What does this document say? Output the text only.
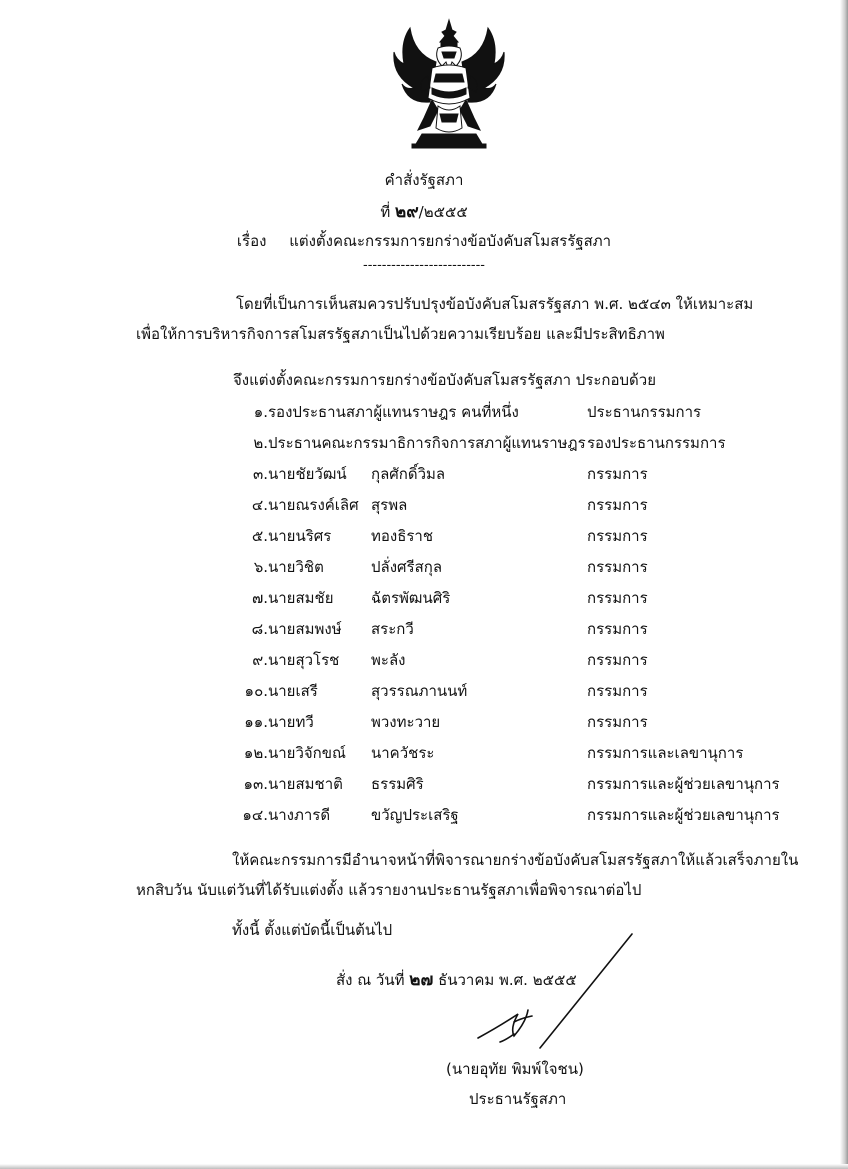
คำสั่งรัฐสภา
ที่ ๒๙/๒๕๕๕
เรื่อง แต่งตั้งคณะกรรมการยกร่างข้อบังคับสโมสรรัฐสภา
--------------------------
โดยที่เป็นการเห็นสมควรปรับปรุงข้อบังคับสโมสรรัฐสภา พ.ศ. ๒๕๔๓ ให้เหมาะสม
เพื่อให้การบริหารกิจการสโมสรรัฐสภาเป็นไปด้วยความเรียบร้อย และมีประสิทธิภาพ
จึงแต่งตั้งคณะกรรมการยกร่างข้อบังคับสโมสรรัฐสภา ประกอบด้วย
๑. รองประธานสภาผู้แทนราษฎร คนที่หนึ่ง	ประธานกรรมการ
๒. ประธานคณะกรรมาธิการกิจการสภาผู้แทนราษฎร รองประธานกรรมการ
๓. นายชัยวัฒน์ กุลศักดิ์วิมล	กรรมการ
๔. นายณรงค์เลิศ สุรพล	กรรมการ
๕. นายนริศร	ทองธิราช	กรรมการ
๖. นายวิชิต	ปลั่งศรีสกุล	กรรมการ
๗. นายสมชัย	ฉัตรพัฒนศิริ	กรรมการ
๘. นายสมพงษ์ สระกวี	กรรมการ
๙. นายสุวโรช พะลัง	กรรมการ
๑๐. นายเสรี	สุวรรณภานนท์	กรรมการ
๑๑. นายทวี	พวงทะวาย	กรรมการ
๑๒. นายวิจักขณ์ นาควัชระ	กรรมการและเลขานุการ
๑๓. นายสมชาติ ธรรมศิริ	กรรมการและผู้ช่วยเลขานุการ
๑๔. นางภารดี	ขวัญประเสริฐ	กรรมการและผู้ช่วยเลขานุการ
ให้คณะกรรมการมีอำนาจหน้าที่พิจารณายกร่างข้อบังคับสโมสรรัฐสภาให้แล้วเสร็จภายใน
หกสิบวัน นับแต่วันที่ได้รับแต่งตั้ง แล้วรายงานประธานรัฐสภาเพื่อพิจารณาต่อไป
ทั้งนี้ ตั้งแต่บัดนี้เป็นต้นไป
สั่ง ณ วันที่ ๒๗ ธันวาคม พ.ศ. ๒๕๕๕
(นายอุทัย พิมพ์ใจชน)
ประธานรัฐสภา
